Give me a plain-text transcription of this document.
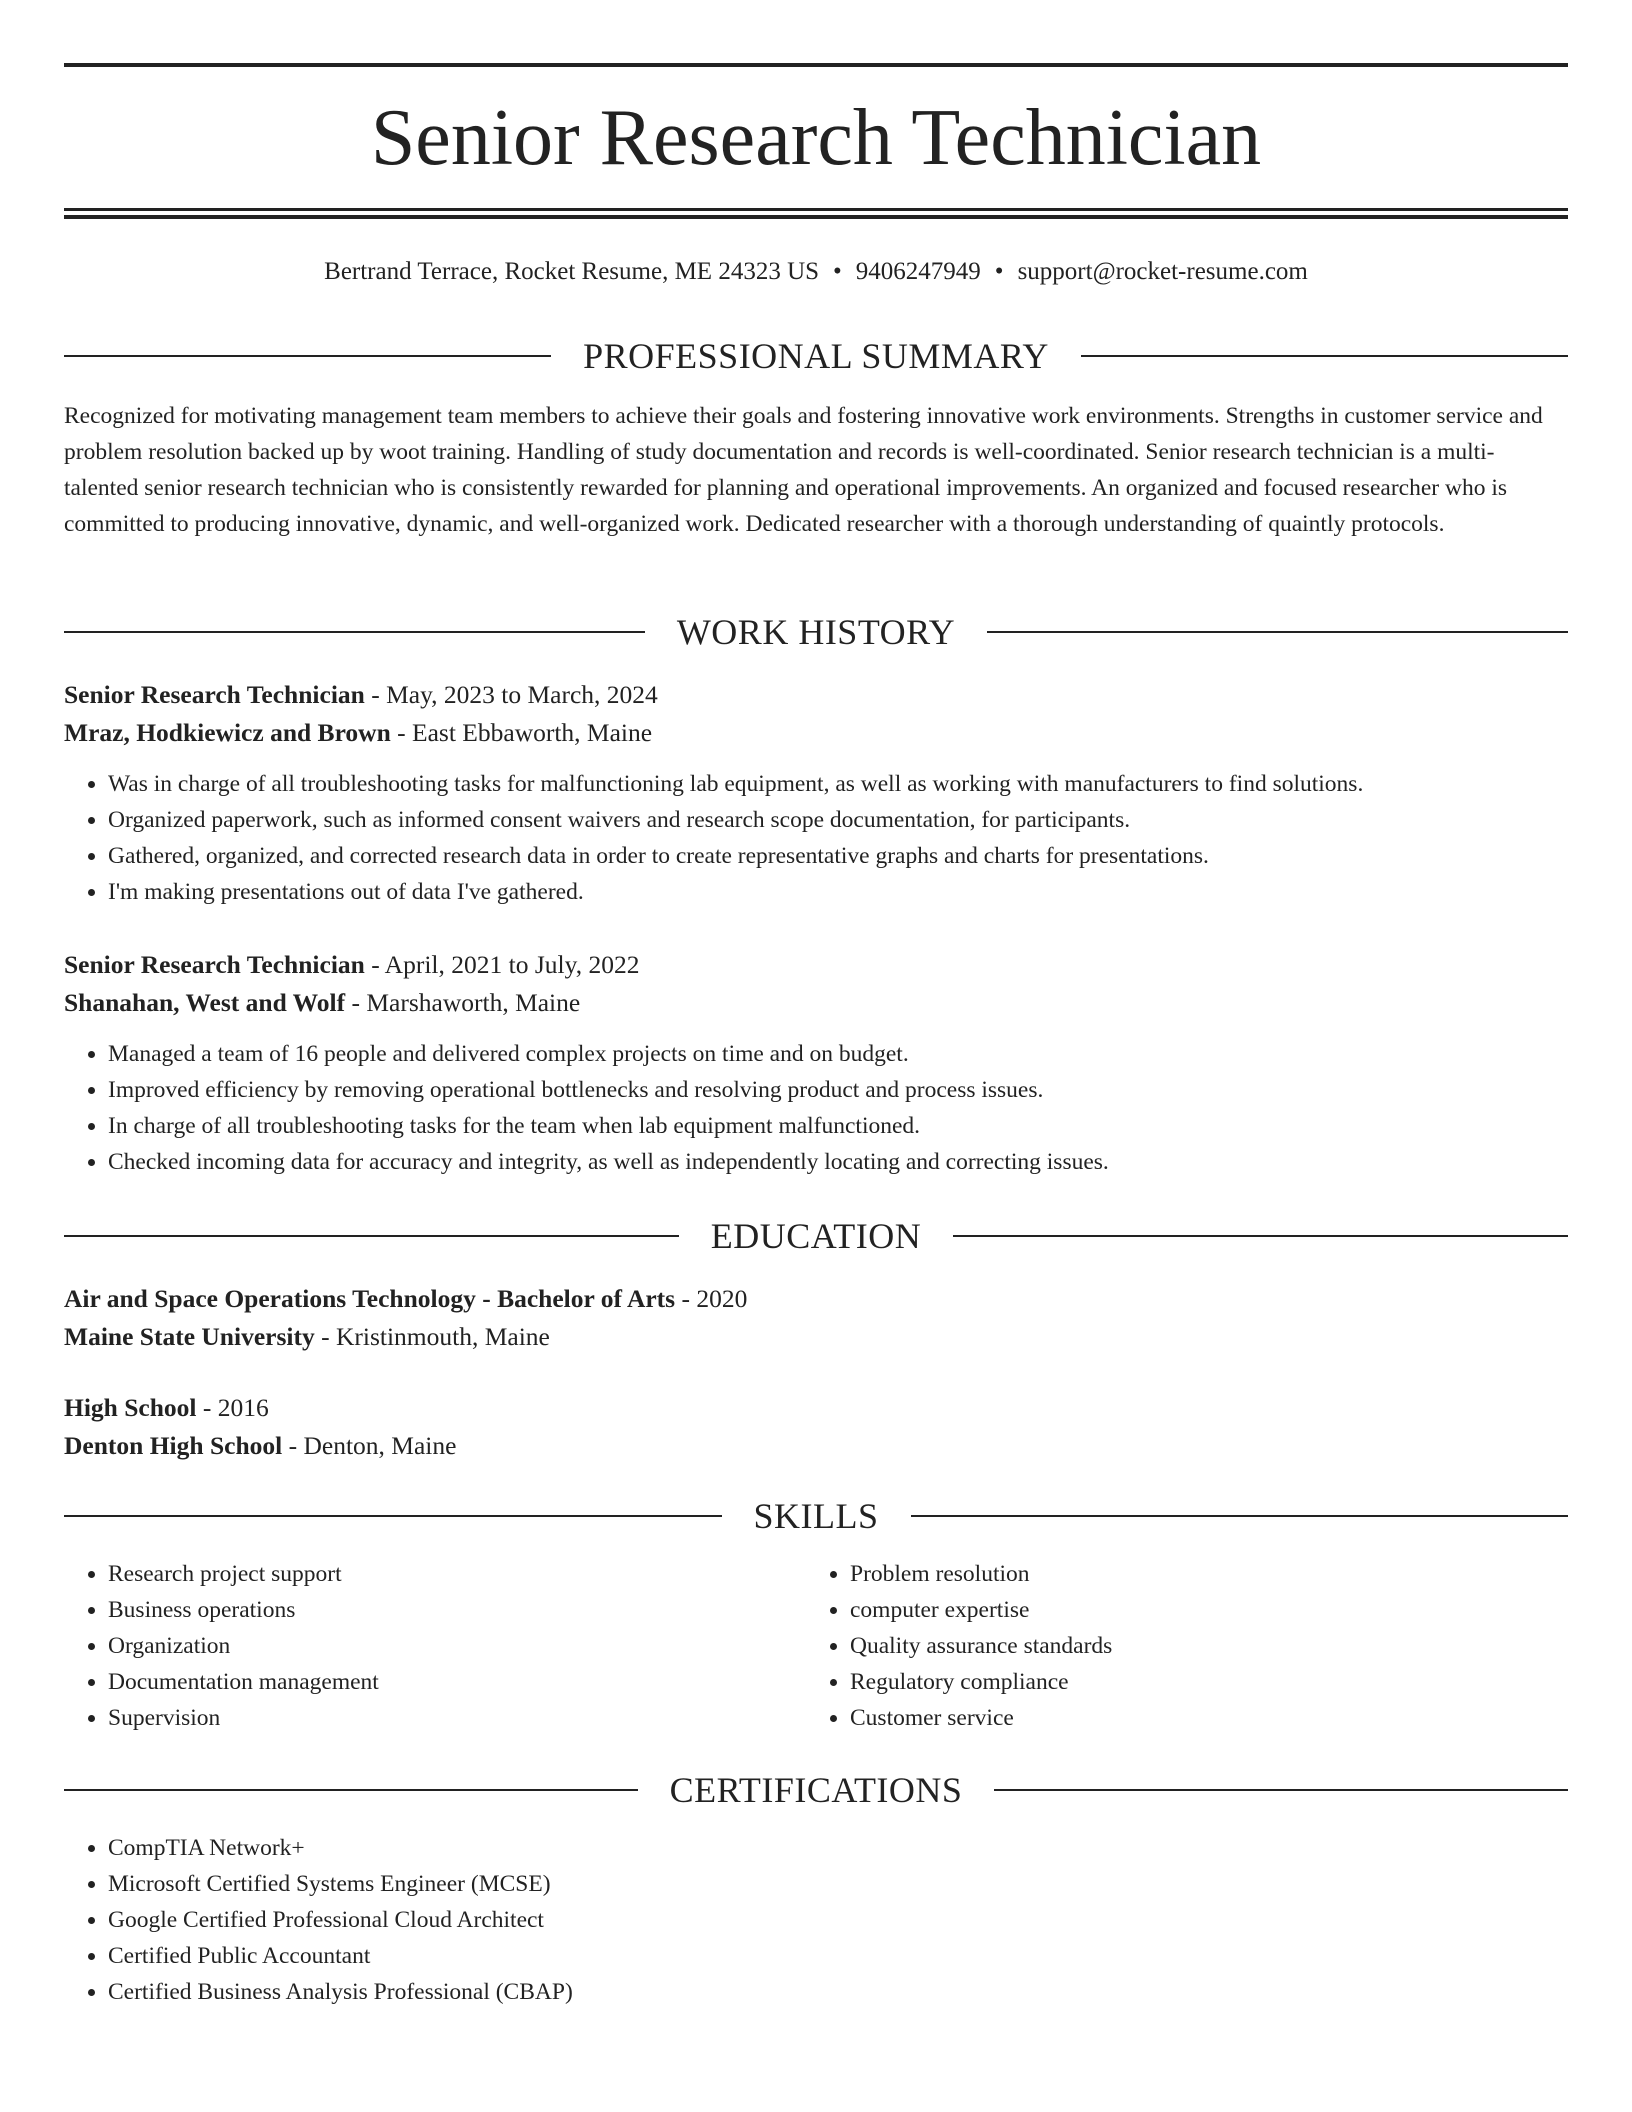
Senior Research Technician
Bertrand Terrace, Rocket Resume, ME 24323 US • 9406247949 • support@rocket-resume.com
PROFESSIONAL SUMMARY

Recognized for motivating management team members to achieve their goals and fostering innovative work environments. Strengths in customer service and problem resolution backed up by woot training. Handling of study documentation and records is well-coordinated. Senior research technician is a multi-talented senior research technician who is consistently rewarded for planning and operational improvements. An organized and focused researcher who is committed to producing innovative, dynamic, and well-organized work. Dedicated researcher with a thorough understanding of quaintly protocols.

WORK HISTORY
Senior Research Technician - May, 2023 to March, 2024
Mraz, Hodkiewicz and Brown - East Ebbaworth, Maine
• Was in charge of all troubleshooting tasks for malfunctioning lab equipment, as well as working with manufacturers to find solutions.
• Organized paperwork, such as informed consent waivers and research scope documentation, for participants.
• Gathered, organized, and corrected research data in order to create representative graphs and charts for presentations.
• I'm making presentations out of data I've gathered.
Senior Research Technician - April, 2021 to July, 2022
Shanahan, West and Wolf - Marshaworth, Maine
• Managed a team of 16 people and delivered complex projects on time and on budget.
• Improved efficiency by removing operational bottlenecks and resolving product and process issues.
• In charge of all troubleshooting tasks for the team when lab equipment malfunctioned.
• Checked incoming data for accuracy and integrity, as well as independently locating and correcting issues.
EDUCATION
Air and Space Operations Technology - Bachelor of Arts - 2020
Maine State University - Kristinmouth, Maine
High School - 2016
Denton High School - Denton, Maine
SKILLS
• Research project support
• Business operations
• Organization
• Documentation management
• Supervision
• Problem resolution
• computer expertise
• Quality assurance standards
• Regulatory compliance
• Customer service
CERTIFICATIONS
• CompTIA Network+
• Microsoft Certified Systems Engineer (MCSE)
• Google Certified Professional Cloud Architect
• Certified Public Accountant
• Certified Business Analysis Professional (CBAP)
